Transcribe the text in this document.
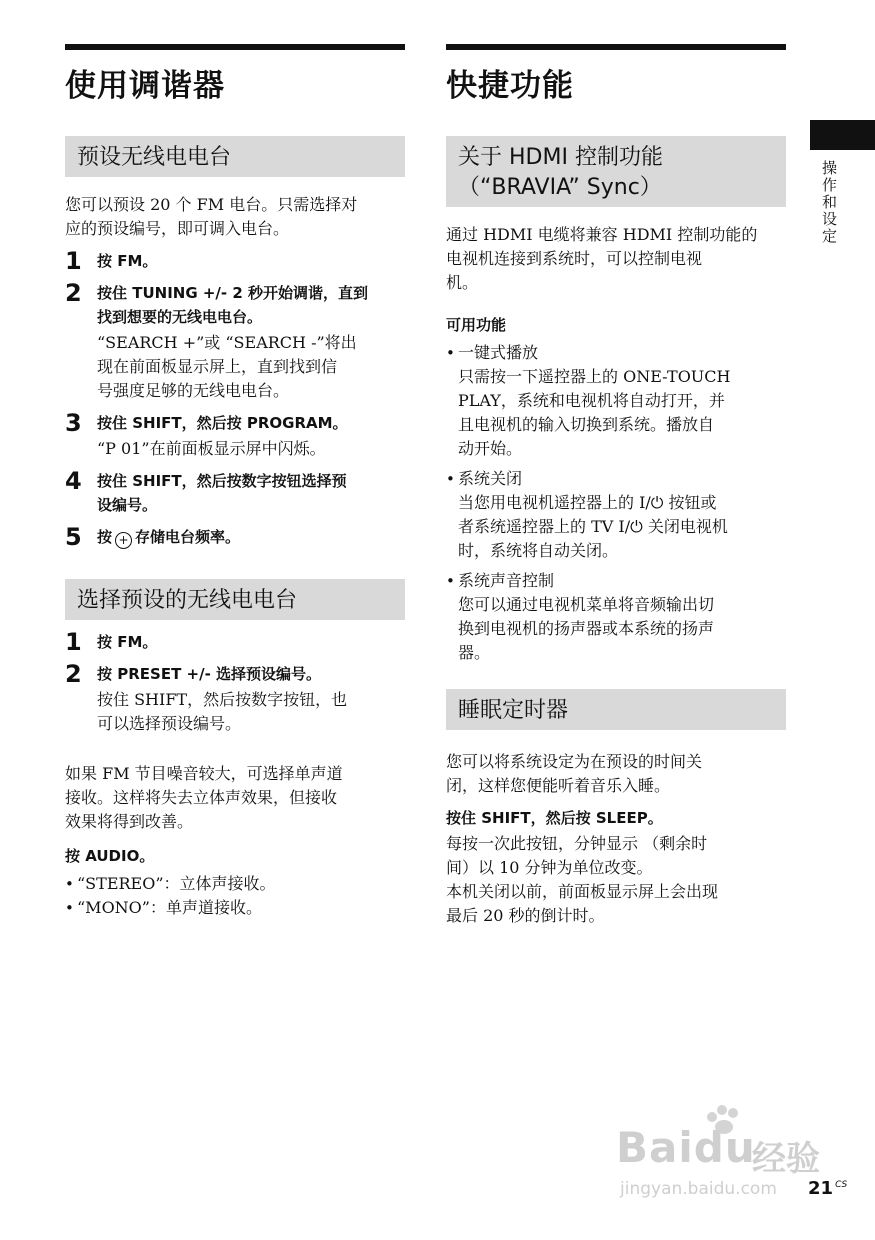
使用调谐器
预设无线电电台

您可以预设 20 个 FM 电台。只需选择对
应的预设编号，即可调入电台。

1 按 FM。
2 按住 TUNING +/- 2 秒开始调谐，直到
找到想要的无线电电台。
“SEARCH +”或 “SEARCH -”将出
现在前面板显示屏上，直到找到信
号强度足够的无线电电台。
3 按住 SHIFT，然后按 PROGRAM。
“P 01”在前面板显示屏中闪烁。
4 按住 SHIFT，然后按数字按钮选择预
设编号。
5 按 + 存储电台频率。
选择预设的无线电电台
1 按 FM。
2 按 PRESET +/- 选择预设编号。
按住 SHIFT，然后按数字按钮，也
可以选择预设编号。

如果 FM 节目噪音较大，可选择单声道
接收。这样将失去立体声效果，但接收
效果将得到改善。

按 AUDIO。
• “STEREO”：立体声接收。
• “MONO”：单声道接收。
快捷功能
关于 HDMI 控制功能
（“BRAVIA” Sync）

通过 HDMI 电缆将兼容 HDMI 控制功能的
电视机连接到系统时，可以控制电视
机。

可用功能
• 一键式播放
只需按一下遥控器上的 ONE-TOUCH
PLAY，系统和电视机将自动打开，并
且电视机的输入切换到系统。播放自
动开始。
• 系统关闭
当您用电视机遥控器上的 I/⏻ 按钮或
者系统遥控器上的 TV I/⏻ 关闭电视机
时，系统将自动关闭。
• 系统声音控制
您可以通过电视机菜单将音频输出切
换到电视机的扬声器或本系统的扬声
器。
睡眠定时器

您可以将系统设定为在预设的时间关
闭，这样您便能听着音乐入睡。

按住 SHIFT，然后按 SLEEP。

每按一次此按钮，分钟显示 （剩余时
间）以 10 分钟为单位改变。
本机关闭以前，前面板显示屏上会出现
最后 20 秒的倒计时。

操作和设定
Baidu
经验
jingyan.baidu.com 21 $^{CS}$
